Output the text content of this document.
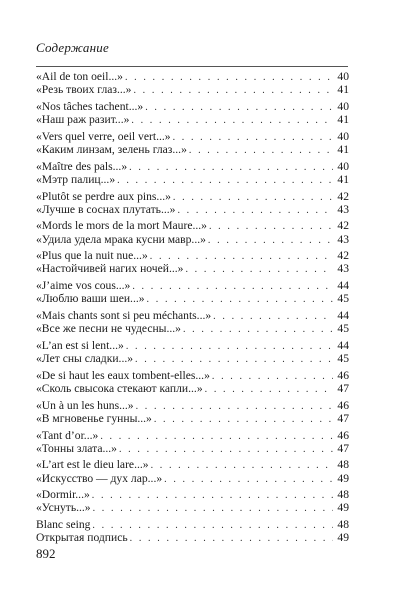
Содержание
«Ail de ton oeil...» . . .	40
«Резь твоих глаз...» . . .	41
«Nos tâches tachent...» . . .	40
«Наш раж разит...» . . .	41
«Vers quel verre, oeil vert...» . . .	40
«Каким линзам, зелень глаз...» . . .	41
«Maître des pals...» . . .	40
«Мэтр палиц...» . . .	41
«Plutôt se perdre aux pins...» . . .	42
«Лучше в соснах плутать...» . . .	43
«Mords le mors de la mort Maure...» . . .	42
«Удила удела мрака кусни мавр...» . . .	43
«Plus que la nuit nue...» . . .	42
«Настойчивей нагих ночей...» . . .	43
«J’aime vos cous...» . . .	44
«Люблю ваши шеи...» . . .	45
«Mais chants sont si peu méchants...» . . .	44
«Все же песни не чудесны...» . . .	45
«L’an est si lent...» . . .	44
«Лет сны сладки...» . . .	45
«De si haut les eaux tombent-elles...» . . .	46
«Сколь свысока стекают капли...» . . .	47
«Un à un les huns...» . . .	46
«В мгновенье гунны...» . . .	47
«Tant d’or...» . . .	46
«Тонны злата...» . . .	47
«L’art est le dieu lare...» . . .	48
«Искусство — дух лар...» . . .	49
«Dormir...» . . .	48
«Уснуть...» . . .	49
Blanc seing . . .	48
Открытая подпись . . .	49
892
